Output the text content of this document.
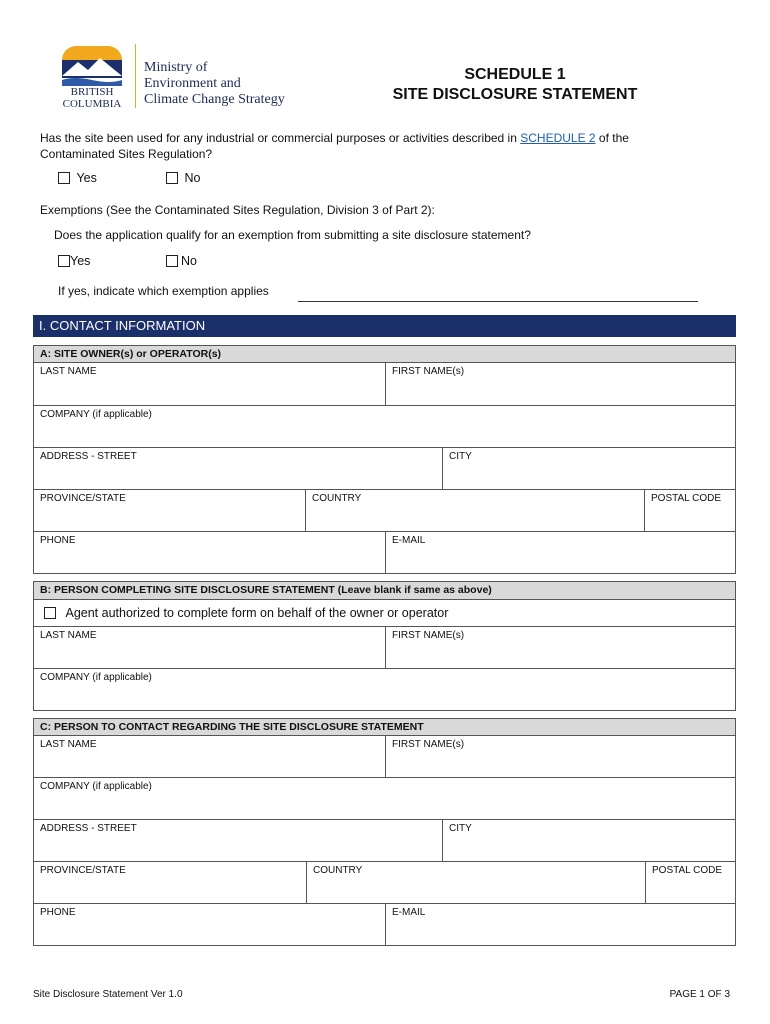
BRITISH
COLUMBIA
Ministry of
Environment and
Climate Change Strategy
SCHEDULE 1
SITE DISCLOSURE STATEMENT
Has the site been used for any industrial or commercial purposes or activities described in SCHEDULE 2 of the
Contaminated Sites Regulation?
Yes	No
Exemptions (See the Contaminated Sites Regulation, Division 3 of Part 2):
Does the application qualify for an exemption from submitting a site disclosure statement?
Yes	No
If yes, indicate which exemption applies
I. CONTACT INFORMATION
A: SITE OWNER(s) or OPERATOR(s)
LAST NAME	FIRST NAME(s)
COMPANY (if applicable)
ADDRESS - STREET	CITY
PROVINCE/STATE	COUNTRY	POSTAL CODE
PHONE	E-MAIL
B: PERSON COMPLETING SITE DISCLOSURE STATEMENT (Leave blank if same as above)
Agent authorized to complete form on behalf of the owner or operator
LAST NAME	FIRST NAME(s)
COMPANY (if applicable)
C: PERSON TO CONTACT REGARDING THE SITE DISCLOSURE STATEMENT
LAST NAME	FIRST NAME(s)
COMPANY (if applicable)
ADDRESS - STREET	CITY
PROVINCE/STATE	COUNTRY	POSTAL CODE
PHONE	E-MAIL
Site Disclosure Statement Ver 1.0	PAGE 1 OF 3
